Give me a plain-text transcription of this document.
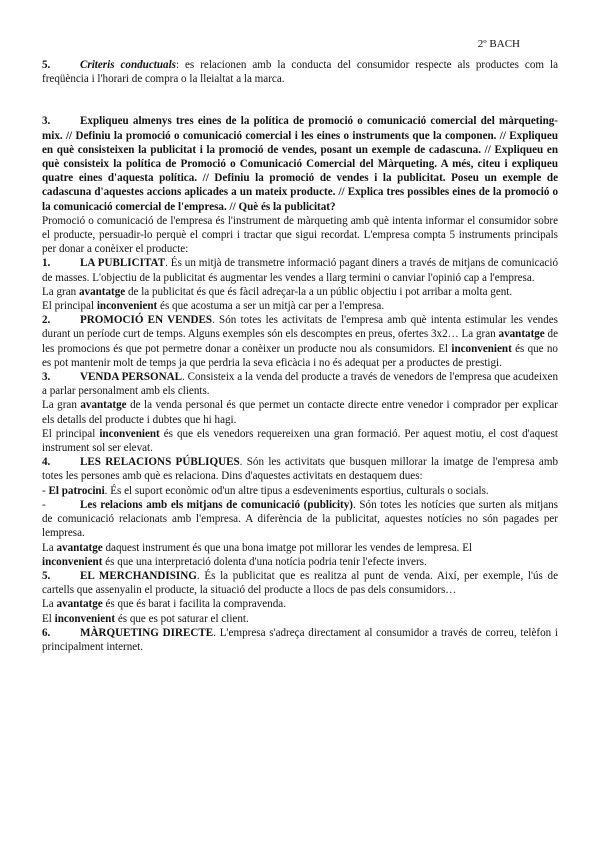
2º BACH

5.	Criteris conductuals: es relacionen amb la conducta del consumidor respecte als productes com la freqüència i l'horari de compra o la lleialtat a la marca.

3.	Expliqueu almenys tres eines de la política de promoció o comunicació comercial del màrqueting-mix. // Definiu la promoció o comunicació comercial i les eines o instruments que la componen. // Expliqueu en què consisteixen la publicitat i la promoció de vendes, posant un exemple de cadascuna. // Expliqueu en què consisteix la política de Promoció o Comunicació Comercial del Màrqueting. A més, citeu i expliqueu quatre eines d'aquesta política. // Definiu la promoció de vendes i la publicitat. Poseu un exemple de cadascuna d'aquestes accions aplicades a un mateix producte. // Explica tres possibles eines de la promoció o la comunicació comercial de l'empresa. // Què és la publicitat?

Promoció o comunicació de l'empresa és l'instrument de màrqueting amb què intenta informar el consumidor sobre el producte, persuadir-lo perquè el compri i tractar que sigui recordat. L'empresa compta 5 instruments principals per donar a conèixer el producte:

1.	LA PUBLICITAT. És un mitjà de transmetre informació pagant diners a través de mitjans de comunicació de masses. L'objectiu de la publicitat és augmentar les vendes a llarg termini o canviar l'opinió cap a l'empresa.

La gran avantatge de la publicitat és que és fàcil adreçar-la a un públic objectiu i pot arribar a molta gent.

El principal inconvenient és que acostuma a ser un mitjà car per a l'empresa.

2.	PROMOCIÓ EN VENDES. Són totes les activitats de l'empresa amb què intenta estimular les vendes durant un període curt de temps. Alguns exemples són els descomptes en preus, ofertes 3x2… La gran avantatge de les promocions és que pot permetre donar a conèixer un producte nou als consumidors. El inconvenient és que no es pot mantenir molt de temps ja que perdria la seva eficàcia i no és adequat per a productes de prestigi.

3.	VENDA PERSONAL. Consisteix a la venda del producte a través de venedors de l'empresa que acudeixen a parlar personalment amb els clients.

La gran avantatge de la venda personal és que permet un contacte directe entre venedor i comprador per explicar els detalls del producte i dubtes que hi hagi.

El principal inconvenient és que els venedors requereixen una gran formació. Per aquest motiu, el cost d'aquest instrument sol ser elevat.

4.	LES RELACIONS PÚBLIQUES. Són les activitats que busquen millorar la imatge de l'empresa amb totes les persones amb què es relaciona. Dins d'aquestes activitats en destaquem dues:

- El patrocini. És el suport econòmic od'un altre tipus a esdeveniments esportius, culturals o socials.

-	Les relacions amb els mitjans de comunicació (publicity). Són totes les notícies que surten als mitjans de comunicació relacionats amb l'empresa. A diferència de la publicitat, aquestes notícies no són pagades per lempresa.

La avantatge daquest instrument és que una bona imatge pot millorar les vendes de lempresa. El

inconvenient és que una interpretació dolenta d'una notícia podria tenir l'efecte invers.

5.	EL MERCHANDISING. És la publicitat que es realitza al punt de venda. Així, per exemple, l'ús de cartells que assenyalin el producte, la situació del producte a llocs de pas dels consumidors…

La avantatge és que és barat i facilita la compravenda.

El inconvenient és que es pot saturar el client.

6.	MÀRQUETING DIRECTE. L'empresa s'adreça directament al consumidor a través de correu, telèfon i principalment internet.
